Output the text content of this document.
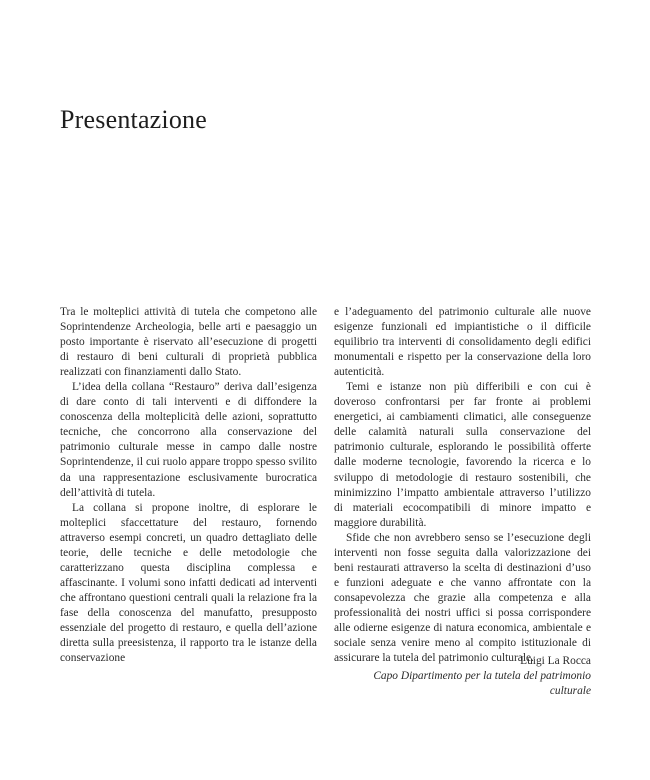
Presentazione

Tra le molteplici attività di tutela che competono alle Soprintendenze Archeologia, belle arti e paesaggio un posto importante è riservato all’esecuzione di progetti di restauro di beni culturali di proprietà pubblica realizzati con finanziamenti dallo Stato.

L’idea della collana “Restauro” deriva dall’esigenza di dare conto di tali interventi e di diffondere la conoscenza della molteplicità delle azioni, soprattutto tecniche, che concorrono alla conservazione del patrimonio culturale messe in campo dalle nostre Soprintendenze, il cui ruolo appare troppo spesso svilito da una rappresentazione esclusivamente burocratica dell’attività di tutela.

La collana si propone inoltre, di esplorare le molteplici sfaccettature del restauro, fornendo attraverso esempi concreti, un quadro dettagliato delle teorie, delle tecniche e delle metodologie che caratterizzano questa disciplina complessa e affascinante. I volumi sono infatti dedicati ad interventi che affrontano questioni centrali quali la relazione fra la fase della conoscenza del manufatto, presupposto essenziale del progetto di restauro, e quella dell’azione diretta sulla preesistenza, il rapporto tra le istanze della conservazione

e l’adeguamento del patrimonio culturale alle nuove esigenze funzionali ed impiantistiche o il difficile equilibrio tra interventi di consolidamento degli edifici monumentali e rispetto per la conservazione della loro autenticità.

Temi e istanze non più differibili e con cui è doveroso confrontarsi per far fronte ai problemi energetici, ai cambiamenti climatici, alle conseguenze delle calamità naturali sulla conservazione del patrimonio culturale, esplorando le possibilità offerte dalle moderne tecnologie, favorendo la ricerca e lo sviluppo di metodologie di restauro sostenibili, che minimizzino l’impatto ambientale attraverso l’utilizzo di materiali ecocompatibili di minore impatto e maggiore durabilità.

Sfide che non avrebbero senso se l’esecuzione degli interventi non fosse seguita dalla valorizzazione dei beni restaurati attraverso la scelta di destinazioni d’uso e funzioni adeguate e che vanno affrontate con la consapevolezza che grazie alla competenza e alla professionalità dei nostri uffici si possa corrispondere alle odierne esigenze di natura economica, ambientale e sociale senza venire meno al compito istituzionale di assicurare la tutela del patrimonio culturale.

Luigi La Rocca
Capo Dipartimento per la tutela del patrimonio culturale
